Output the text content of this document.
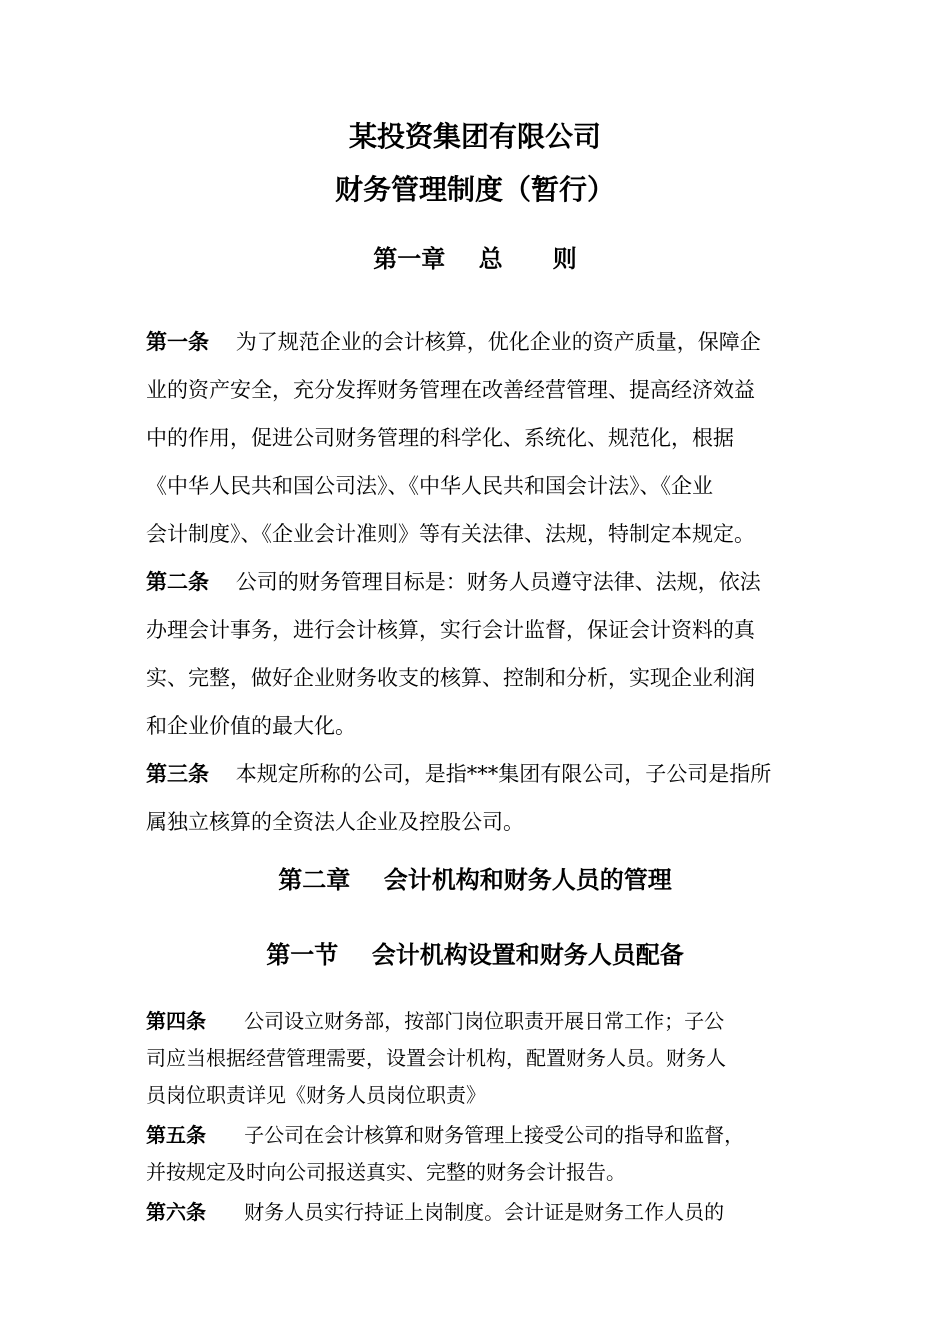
某投资集团有限公司
财务管理制度（暂行）
第一章    总      则
第一条    为了规范企业的会计核算，优化企业的资产质量，保障企
业的资产安全，充分发挥财务管理在改善经营管理、提高经济效益
中的作用，促进公司财务管理的科学化、系统化、规范化，根据
《中华人民共和国公司法》、《中华人民共和国会计法》、《企业
会计制度》、《企业会计准则》等有关法律、法规，特制定本规定。
第二条    公司的财务管理目标是：财务人员遵守法律、法规，依法
办理会计事务，进行会计核算，实行会计监督，保证会计资料的真
实、完整，做好企业财务收支的核算、控制和分析，实现企业利润
和企业价值的最大化。
第三条    本规定所称的公司，是指***集团有限公司，子公司是指所
属独立核算的全资法人企业及控股公司。
第二章    会计机构和财务人员的管理
第一节    会计机构设置和财务人员配备
第四条      公司设立财务部，按部门岗位职责开展日常工作；子公
司应当根据经营管理需要，设置会计机构，配置财务人员。财务人
员岗位职责详见《财务人员岗位职责》
第五条      子公司在会计核算和财务管理上接受公司的指导和监督，
并按规定及时向公司报送真实、完整的财务会计报告。
第六条      财务人员实行持证上岗制度。会计证是财务工作人员的
